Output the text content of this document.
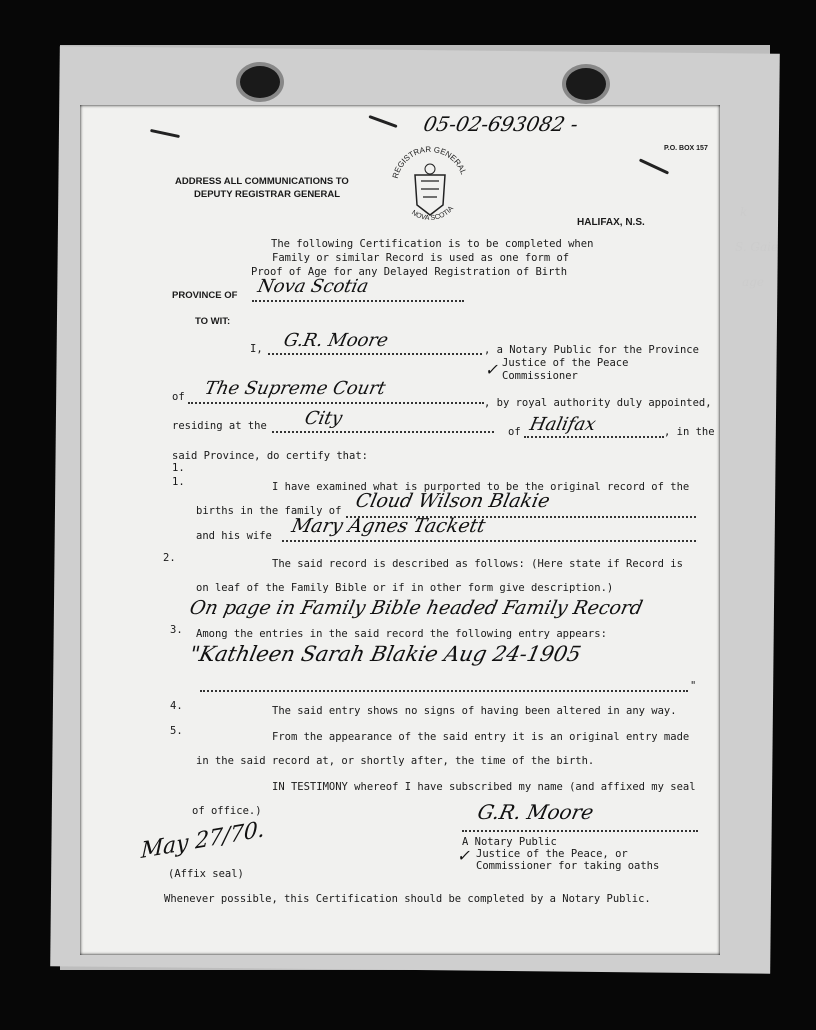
k
S. Gaie
age
05-02-693082 -
P.O. BOX 157
ADDRESS ALL COMMUNICATIONS TO
DEPUTY REGISTRAR GENERAL
REGISTRAR GENERAL
NOVA SCOTIA
HALIFAX, N.S.
The following Certification is to be completed when
Family or similar Record is used as one form of
Proof of Age for any Delayed Registration of Birth
PROVINCE OF Nova Scotia
TO WIT:
I, G.R. Moore	, a Notary Public for the Province
Justice of the Peace
Commissioner
✓
of The Supreme Court
, by royal authority duly appointed,
residing at the City
of Halifax	, in the
said Province, do certify that:
1.
1.	I have examined what is purported to be the original record of the
births in the family of Cloud Wilson Blakie
and his wife Mary Agnes Tackett
2.	The said record is described as follows: (Here state if Record is
on leaf of the Family Bible or if in other form give description.)
On page in Family Bible headed Family Record
3. Among the entries in the said record the following entry appears:
"Kathleen Sarah Blakie Aug 24-1905
"
4.	The said entry shows no signs of having been altered in any way.
5.	From the appearance of the said entry it is an original entry made
in the said record at, or shortly after, the time of the birth.
IN TESTIMONY whereof I have subscribed my name (and affixed my seal
of office.)	G.R. Moore
A Notary Public
Justice of the Peace, or
Commissioner for taking oaths
✓
May 27/70.
(Affix seal)
Whenever possible, this Certification should be completed by a Notary Public.
